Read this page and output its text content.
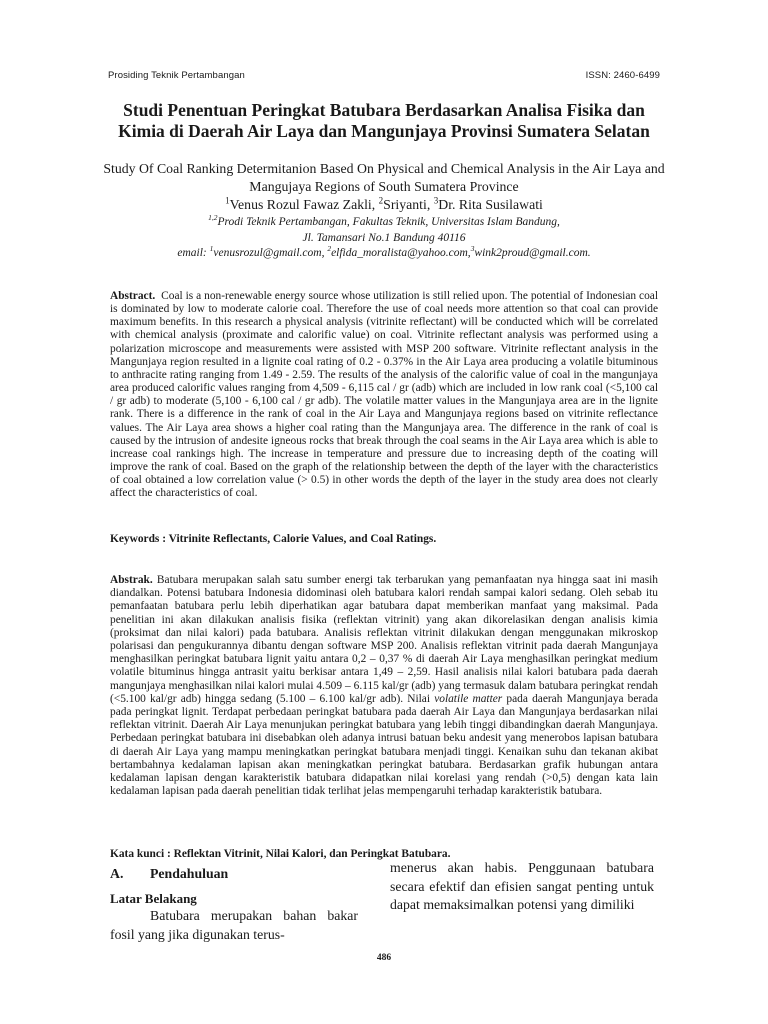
Prosiding Teknik Pertambangan	ISSN: 2460-6499
Studi Penentuan Peringkat Batubara Berdasarkan Analisa Fisika dan Kimia di Daerah Air Laya dan Mangunjaya Provinsi Sumatera Selatan
Study Of Coal Ranking Determitanion Based On Physical and Chemical Analysis in the Air Laya and Mangujaya Regions of South Sumatera Province
$^1$Venus Rozul Fawaz Zakli, $^2$Sriyanti, $^3$Dr. Rita Susilawati
$^{1,2}$Prodi Teknik Pertambangan, Fakultas Teknik, Universitas Islam Bandung,
Jl. Tamansari No.1 Bandung 40116
email: $^1$venusrozul@gmail.com, $^2$elfida_moralista@yahoo.com,$^3$wink2proud@gmail.com.
Abstract. Coal is a non-renewable energy source whose utilization is still relied upon. The potential of Indonesian coal is dominated by low to moderate calorie coal. Therefore the use of coal needs more attention so that coal can provide maximum benefits. In this research a physical analysis (vitrinite reflectant) will be conducted which will be correlated with chemical analysis (proximate and calorific value) on coal. Vitrinite reflectant analysis was performed using a polarization microscope and measurements were assisted with MSP 200 software. Vitrinite reflectant analysis in the Mangunjaya region resulted in a lignite coal rating of 0.2 - 0.37% in the Air Laya area producing a volatile bituminous to anthracite rating ranging from 1.49 - 2.59. The results of the analysis of the calorific value of coal in the mangunjaya area produced calorific values ranging from 4,509 - 6,115 cal / gr (adb) which are included in low rank coal (<5,100 cal / gr adb) to moderate (5,100 - 6,100 cal / gr adb). The volatile matter values in the Mangunjaya area are in the lignite rank. There is a difference in the rank of coal in the Air Laya and Mangunjaya regions based on vitrinite reflectance values. The Air Laya area shows a higher coal rating than the Mangunjaya area. The difference in the rank of coal is caused by the intrusion of andesite igneous rocks that break through the coal seams in the Air Laya area which is able to increase coal rankings high. The increase in temperature and pressure due to increasing depth of the coating will improve the rank of coal. Based on the graph of the relationship between the depth of the layer with the characteristics of coal obtained a low correlation value (> 0.5) in other words the depth of the layer in the study area does not clearly affect the characteristics of coal.
Keywords : Vitrinite Reflectants, Calorie Values, and Coal Ratings.
Abstrak. Batubara merupakan salah satu sumber energi tak terbarukan yang pemanfaatan nya hingga saat ini masih diandalkan. Potensi batubara Indonesia didominasi oleh batubara kalori rendah sampai kalori sedang. Oleh sebab itu pemanfaatan batubara perlu lebih diperhatikan agar batubara dapat memberikan manfaat yang maksimal. Pada penelitian ini akan dilakukan analisis fisika (reflektan vitrinit) yang akan dikorelasikan dengan analisis kimia (proksimat dan nilai kalori) pada batubara. Analisis reflektan vitrinit dilakukan dengan menggunakan mikroskop polarisasi dan pengukurannya dibantu dengan software MSP 200. Analisis reflektan vitrinit pada daerah Mangunjaya menghasilkan peringkat batubara lignit yaitu antara 0,2 – 0,37 % di daerah Air Laya menghasilkan peringkat medium volatile bituminus hingga antrasit yaitu berkisar antara 1,49 – 2,59. Hasil analisis nilai kalori batubara pada daerah mangunjaya menghasilkan nilai kalori mulai 4.509 – 6.115 kal/gr (adb) yang termasuk dalam batubara peringkat rendah (<5.100 kal/gr adb) hingga sedang (5.100 – 6.100 kal/gr adb). Nilai volatile matter pada daerah Mangunjaya berada pada peringkat lignit. Terdapat perbedaan peringkat batubara pada daerah Air Laya dan Mangunjaya berdasarkan nilai reflektan vitrinit. Daerah Air Laya menunjukan peringkat batubara yang lebih tinggi dibandingkan daerah Mangunjaya. Perbedaan peringkat batubara ini disebabkan oleh adanya intrusi batuan beku andesit yang menerobos lapisan batubara di daerah Air Laya yang mampu meningkatkan peringkat batubara menjadi tinggi. Kenaikan suhu dan tekanan akibat bertambahnya kedalaman lapisan akan meningkatkan peringkat batubara. Berdasarkan grafik hubungan antara kedalaman lapisan dengan karakteristik batubara didapatkan nilai korelasi yang rendah (>0,5) dengan kata lain kedalaman lapisan pada daerah penelitian tidak terlihat jelas mempengaruhi terhadap karakteristik batubara.
Kata kunci : Reflektan Vitrinit, Nilai Kalori, dan Peringkat Batubara.
A. Pendahuluan
Latar Belakang
Batubara merupakan bahan bakar fosil yang jika digunakan terus-
menerus akan habis. Penggunaan batubara secara efektif dan efisien sangat penting untuk dapat memaksimalkan potensi yang dimiliki
486
